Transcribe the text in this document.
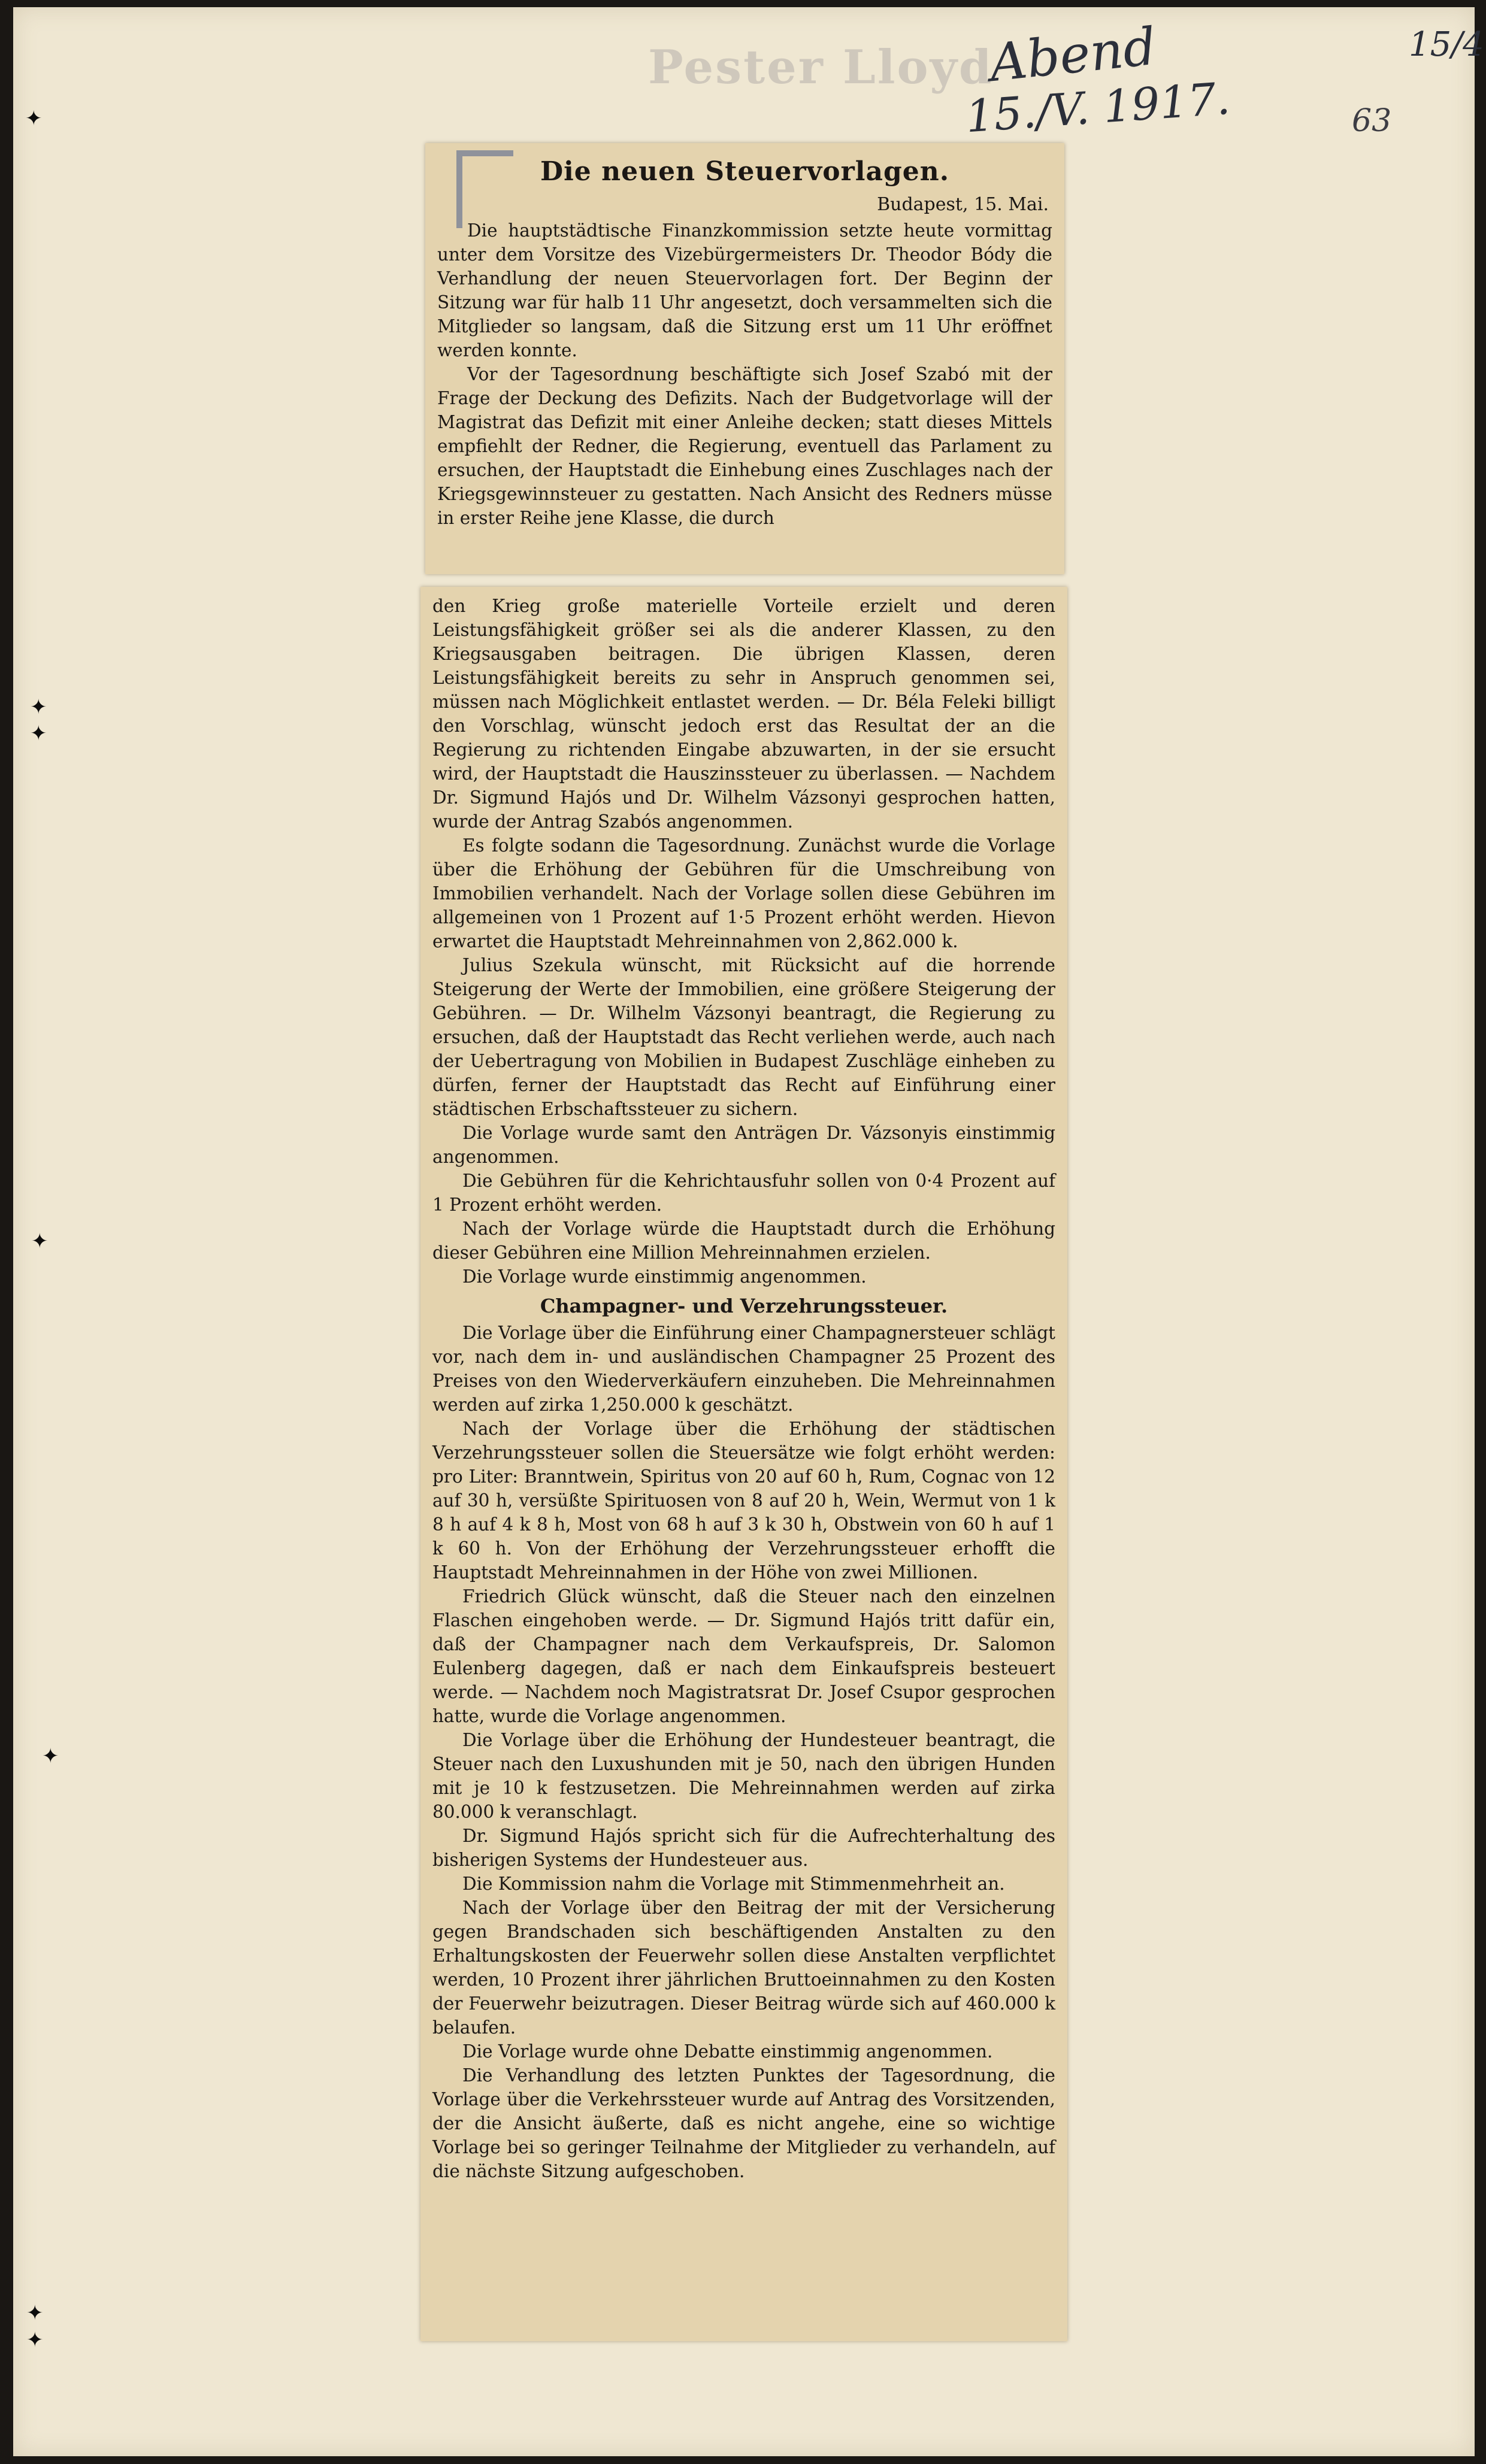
Pester Lloyd
Abend
15./V. 1917.
15/4
63
✦
✦
✦
✦
✦
✦
✦
Die neuen Steuervorlagen.
Budapest, 15. Mai.

Die hauptstädtische Finanzkommission setzte heute vormittag unter dem Vorsitze des Vizebürgermeisters Dr. Theodor Bódy die Verhandlung der neuen Steuervorlagen fort. Der Beginn der Sitzung war für halb 11 Uhr angesetzt, doch versammelten sich die Mitglieder so langsam, daß die Sitzung erst um 11 Uhr eröffnet werden konnte.

Vor der Tagesordnung beschäftigte sich Josef Szabó mit der Frage der Deckung des Defizits. Nach der Budgetvorlage will der Magistrat das Defizit mit einer Anleihe decken; statt dieses Mittels empfiehlt der Redner, die Regierung, eventuell das Parlament zu ersuchen, der Hauptstadt die Einhebung eines Zuschlages nach der Kriegsgewinnsteuer zu gestatten. Nach Ansicht des Redners müsse in erster Reihe jene Klasse, die durch

den Krieg große materielle Vorteile erzielt und deren Leistungsfähigkeit größer sei als die anderer Klassen, zu den Kriegsausgaben beitragen. Die übrigen Klassen, deren Leistungsfähigkeit bereits zu sehr in Anspruch genommen sei, müssen nach Möglichkeit entlastet werden. — Dr. Béla Feleki billigt den Vorschlag, wünscht jedoch erst das Resultat der an die Regierung zu richtenden Eingabe abzuwarten, in der sie ersucht wird, der Hauptstadt die Hauszinssteuer zu überlassen. — Nachdem Dr. Sigmund Hajós und Dr. Wilhelm Vázsonyi gesprochen hatten, wurde der Antrag Szabós angenommen.

Es folgte sodann die Tagesordnung. Zunächst wurde die Vorlage über die Erhöhung der Gebühren für die Umschreibung von Immobilien verhandelt. Nach der Vorlage sollen diese Gebühren im allgemeinen von 1 Prozent auf 1·5 Prozent erhöht werden. Hievon erwartet die Hauptstadt Mehreinnahmen von 2,862.000 k.

Julius Szekula wünscht, mit Rücksicht auf die horrende Steigerung der Werte der Immobilien, eine größere Steigerung der Gebühren. — Dr. Wilhelm Vázsonyi beantragt, die Regierung zu ersuchen, daß der Hauptstadt das Recht verliehen werde, auch nach der Uebertragung von Mobilien in Budapest Zuschläge einheben zu dürfen, ferner der Hauptstadt das Recht auf Einführung einer städtischen Erbschaftssteuer zu sichern.

Die Vorlage wurde samt den Anträgen Dr. Vázsonyis einstimmig angenommen.

Die Gebühren für die Kehrichtausfuhr sollen von 0·4 Prozent auf 1 Prozent erhöht werden.

Nach der Vorlage würde die Hauptstadt durch die Erhöhung dieser Gebühren eine Million Mehreinnahmen erzielen.

Die Vorlage wurde einstimmig angenommen.

Champagner- und Verzehrungssteuer.

Die Vorlage über die Einführung einer Champagnersteuer schlägt vor, nach dem in- und ausländischen Champagner 25 Prozent des Preises von den Wiederverkäufern einzuheben. Die Mehreinnahmen werden auf zirka 1,250.000 k geschätzt.

Nach der Vorlage über die Erhöhung der städtischen Verzehrungssteuer sollen die Steuersätze wie folgt erhöht werden: pro Liter: Branntwein, Spiritus von 20 auf 60 h, Rum, Cognac von 12 auf 30 h, versüßte Spirituosen von 8 auf 20 h, Wein, Wermut von 1 k 8 h auf 4 k 8 h, Most von 68 h auf 3 k 30 h, Obstwein von 60 h auf 1 k 60 h. Von der Erhöhung der Verzehrungssteuer erhofft die Hauptstadt Mehreinnahmen in der Höhe von zwei Millionen.

Friedrich Glück wünscht, daß die Steuer nach den einzelnen Flaschen eingehoben werde. — Dr. Sigmund Hajós tritt dafür ein, daß der Champagner nach dem Verkaufspreis, Dr. Salomon Eulenberg dagegen, daß er nach dem Einkaufspreis besteuert werde. — Nachdem noch Magistratsrat Dr. Josef Csupor gesprochen hatte, wurde die Vorlage angenommen.

Die Vorlage über die Erhöhung der Hundesteuer beantragt, die Steuer nach den Luxushunden mit je 50, nach den übrigen Hunden mit je 10 k festzusetzen. Die Mehreinnahmen werden auf zirka 80.000 k veranschlagt.

Dr. Sigmund Hajós spricht sich für die Aufrechterhaltung des bisherigen Systems der Hundesteuer aus.

Die Kommission nahm die Vorlage mit Stimmenmehrheit an.

Nach der Vorlage über den Beitrag der mit der Versicherung gegen Brandschaden sich beschäftigenden Anstalten zu den Erhaltungskosten der Feuerwehr sollen diese Anstalten verpflichtet werden, 10 Prozent ihrer jährlichen Bruttoeinnahmen zu den Kosten der Feuerwehr beizutragen. Dieser Beitrag würde sich auf 460.000 k belaufen.

Die Vorlage wurde ohne Debatte einstimmig angenommen.

Die Verhandlung des letzten Punktes der Tagesordnung, die Vorlage über die Verkehrssteuer wurde auf Antrag des Vorsitzenden, der die Ansicht äußerte, daß es nicht angehe, eine so wichtige Vorlage bei so geringer Teilnahme der Mitglieder zu verhandeln, auf die nächste Sitzung aufgeschoben.
